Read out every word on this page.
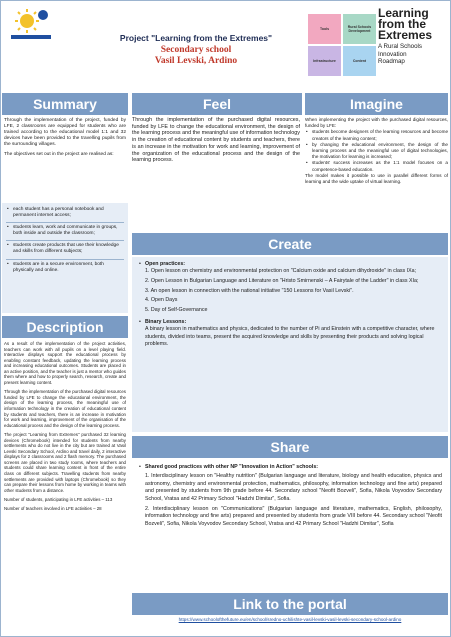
Project "Learning from the Extremes"
Secondary school
Vasil Levski, Ardino
Tools	Rural Schools Development
Infrastructure	Content
Learning
from the
Extremes
A Rural Schools
Innovation
Roadmap
Summary	Feel	Imagine

Through the implementation of the project, funded by LFE, 2 classrooms are equipped for students who are trained according to the educational model 1:1 and 32 devices have been provided to the travelling pupils from the surrounding villages.

The objectives set out in the project are realised as:

• each student has a personal notebook and permanent internet access;
• students learn, work and communicate in groups, both inside and outside the classroom;
• students create products that use their knowledge and skills from different subjects;
• students are in a secure environment, both physically and online.
Through the implementation of the purchased digital resources, funded by LFE to change the educational environment, the design of the learning process and the meaningful use of information technology in the creation of educational content by students and teachers, there is an increase in the motivation for work and learning, improvement of the organization of the educational process and the design of the learning process.
When implementing the project with the purchased digital resources, funded by LFE:
• students become designers of the learning resources and become creators of the learning content;
• by changing the educational environment, the design of the learning process and the meaningful use of digital technologies, the motivation for learning is increased;
• students' success increases as the 1:1 model focuses on a competence-based education.
The model makes it possible to use in parallel different forms of learning and the wide uptake of virtual learning.
Description

As a result of the implementation of the project activities, teachers can work with all pupils on a level playing field. Interactive displays support the educational process by enabling constant feedback, updating the learning process and increasing educational outcomes. Students are placed in an active position, and the teacher is just a mentor who guides them where and how to properly search, research, create and present learning content.

Through the implementation of the purchased digital resources funded by LFE to change the educational environment, the design of the learning process, the meaningful use of information technology in the creation of educational content by students and teachers, there is an increase in motivation for work and learning, improvement of the organisation of the educational process and the design of the learning process.

The project "Learning from Extremes" purchased 32 learning devices (Chromebook) intended for students from nearby settlements who do not live in the city but are trained at Vasil Levski Secondary School, Ardino and travel daily, 2 interactive displays for 2 classrooms and 2 flash memory. The purchased screens are placed in two study rooms, where teachers and students could share learning content in front of the entire class on different subjects. Travelling students from nearby settlements are provided with laptops (Chromebook) so they can prepare their lessons from home by working in teams with other students from a distance.

Number of students, participating in LFE activities – 113
Number of teachers involved in LFE activities – 28
Create
• Open practices:
1. Open lesson on chemistry and environmental protection on "Calcium oxide and calcium dihydroxide" in class IXa;
2. Open Lesson in Bulgarian Language and Literature on "Hristo Smirnenski – A Fairytale of the Ladder" in class XIa;
3. An open lesson in connection with the national initiative "150 Lessons for Vasil Levski".
4. Open Days
5. Day of Self-Governance
• Binary Lessons:
A binary lesson in mathematics and physics, dedicated to the number of Pi and Einstein with a competitive character, where students, divided into teams, present the acquired knowledge and skills by presenting their products and solving logical problems.
Share
• Shared good practices with other NP "Innovation in Action" schools:
1. Interdisciplinary lesson on "Healthy nutrition" (Bulgarian language and literature, biology and health education, physics and astronomy, chemistry and environmental protection, mathematics, philosophy, information technology and fine arts) prepared and presented by students from 9th grade before 44. Secondary school "Neofit Bozveli", Sofia, Nikola Voyvodov Secondary School, Vratsa and 42 Primary School "Hadzhi Dimitar", Sofia.
2. Interdisciplinary lesson on "Communications" (Bulgarian language and literature, mathematics, English, philosophy, information technology and fine arts) prepared and presented by students from grade VIII before 44. Secondary school "Neofit Bozveli", Sofia, Nikola Voyvodov Secondary School, Vratsa and 42 Primary School "Hadzhi Dimitar", Sofia
Link to the portal
https://www.schoolofthefuture.eu/en/school/sredno-uchilishte-vasil-levski-vasil-levski-secondary-school-ardino
